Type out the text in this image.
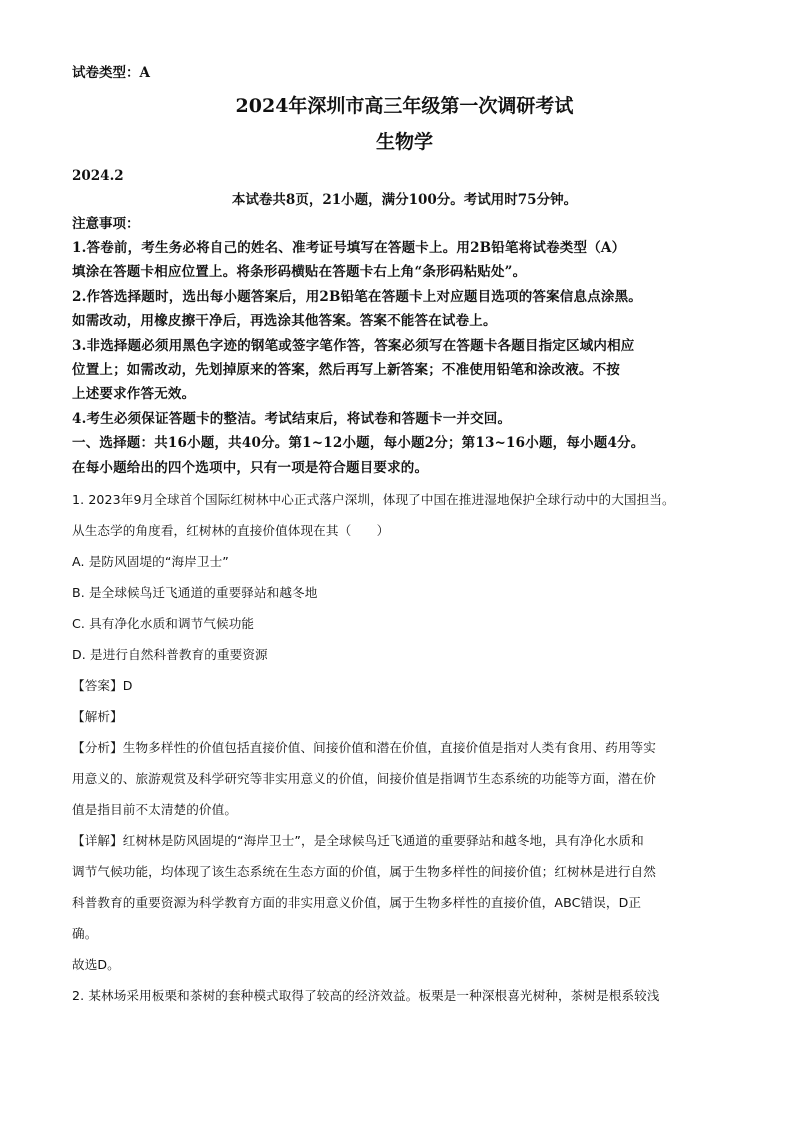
试卷类型：A

2024年深圳市高三年级第一次调研考试

生物学

2024.2

本试卷共8页，21小题，满分100分。考试用时75分钟。

注意事项：

1.答卷前，考生务必将自己的姓名、准考证号填写在答题卡上。用2B铅笔将试卷类型（A）

填涂在答题卡相应位置上。将条形码横贴在答题卡右上角“条形码粘贴处”。

2.作答选择题时，选出每小题答案后，用2B铅笔在答题卡上对应题目选项的答案信息点涂黑。

如需改动，用橡皮擦干净后，再选涂其他答案。答案不能答在试卷上。

3.非选择题必须用黑色字迹的钢笔或签字笔作答，答案必须写在答题卡各题目指定区域内相应

位置上；如需改动，先划掉原来的答案，然后再写上新答案；不准使用铅笔和涂改液。不按

上述要求作答无效。

4.考生必须保证答题卡的整洁。考试结束后，将试卷和答题卡一并交回。

一、选择题：共16小题，共40分。第1~12小题，每小题2分；第13~16小题，每小题4分。

在每小题给出的四个选项中，只有一项是符合题目要求的。

1. 2023年9月全球首个国际红树林中心正式落户深圳，体现了中国在推进湿地保护全球行动中的大国担当。

从生态学的角度看，红树林的直接价值体现在其（　　）

A. 是防风固堤的“海岸卫士”

B. 是全球候鸟迁飞通道的重要驿站和越冬地

C. 具有净化水质和调节气候功能

D. 是进行自然科普教育的重要资源

【答案】D

【解析】

【分析】生物多样性的价值包括直接价值、间接价值和潜在价值，直接价值是指对人类有食用、药用等实

用意义的、旅游观赏及科学研究等非实用意义的价值，间接价值是指调节生态系统的功能等方面，潜在价

值是指目前不太清楚的价值。

【详解】红树林是防风固堤的“海岸卫士”，是全球候鸟迁飞通道的重要驿站和越冬地，具有净化水质和

调节气候功能，均体现了该生态系统在生态方面的价值，属于生物多样性的间接价值；红树林是进行自然

科普教育的重要资源为科学教育方面的非实用意义价值，属于生物多样性的直接价值，ABC错误，D正

确。

故选D。

2. 某林场采用板栗和茶树的套种模式取得了较高的经济效益。板栗是一种深根喜光树种，茶树是根系较浅
